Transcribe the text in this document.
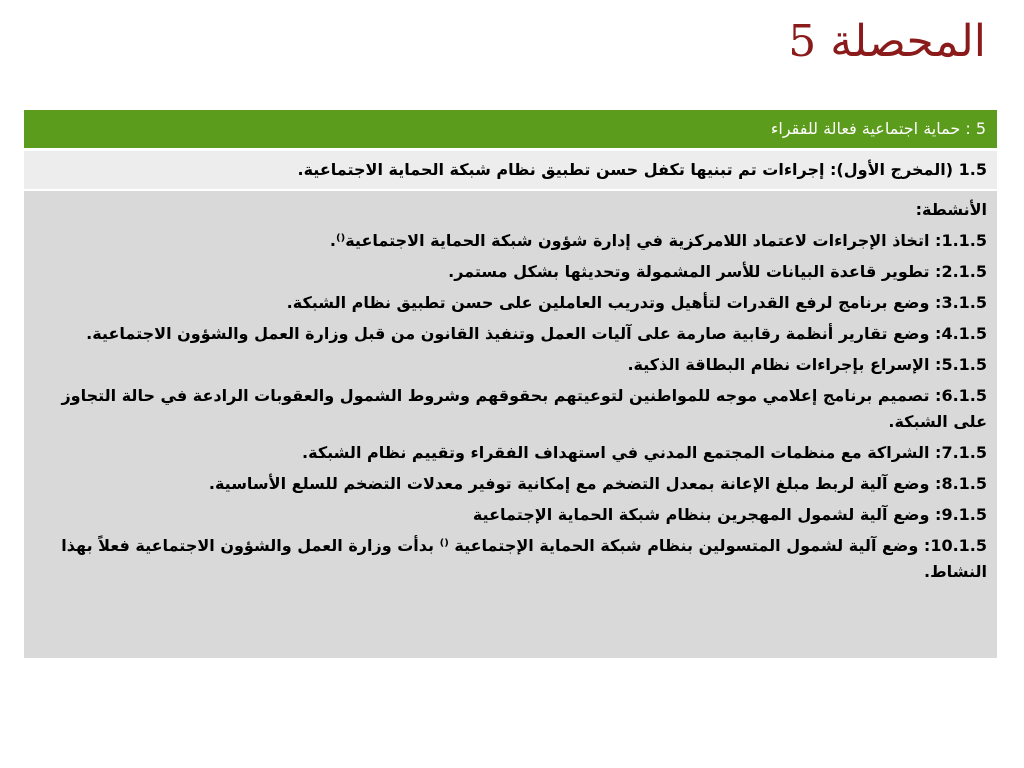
المحصلة 5
5 : حماية اجتماعية فعالة للفقراء
1.5 (المخرج الأول): إجراءات تم تبنيها تكفل حسن تطبيق نظام شبكة الحماية الاجتماعية.
الأنشطة:
1.1.5: اتخاذ الإجراءات لاعتماد اللامركزية في إدارة شؤون شبكة الحماية الاجتماعية⁽⁾.
2.1.5: تطوير قاعدة البيانات للأسر المشمولة وتحديثها بشكل مستمر.
3.1.5: وضع برنامج لرفع القدرات لتأهيل وتدريب العاملين على حسن تطبيق نظام الشبكة.
4.1.5: وضع تقارير أنظمة رقابية صارمة على آليات العمل وتنفيذ القانون من قبل وزارة العمل والشؤون الاجتماعية.
5.1.5: الإسراع بإجراءات نظام البطاقة الذكية.
6.1.5: تصميم برنامج إعلامي موجه للمواطنين لتوعيتهم بحقوقهم وشروط الشمول والعقوبات الرادعة في حالة التجاوز على الشبكة.
7.1.5: الشراكة مع منظمات المجتمع المدني في استهداف الفقراء وتقييم نظام الشبكة.
8.1.5: وضع آلية لربط مبلغ الإعانة بمعدل التضخم مع إمكانية توفير معدلات التضخم للسلع الأساسية.
9.1.5: وضع آلية لشمول المهجرين بنظام شبكة الحماية الإجتماعية
10.1.5: وضع آلية لشمول المتسولين بنظام شبكة الحماية الإجتماعية ⁽⁾ بدأت وزارة العمل والشؤون الاجتماعية فعلاً بهذا النشاط.
